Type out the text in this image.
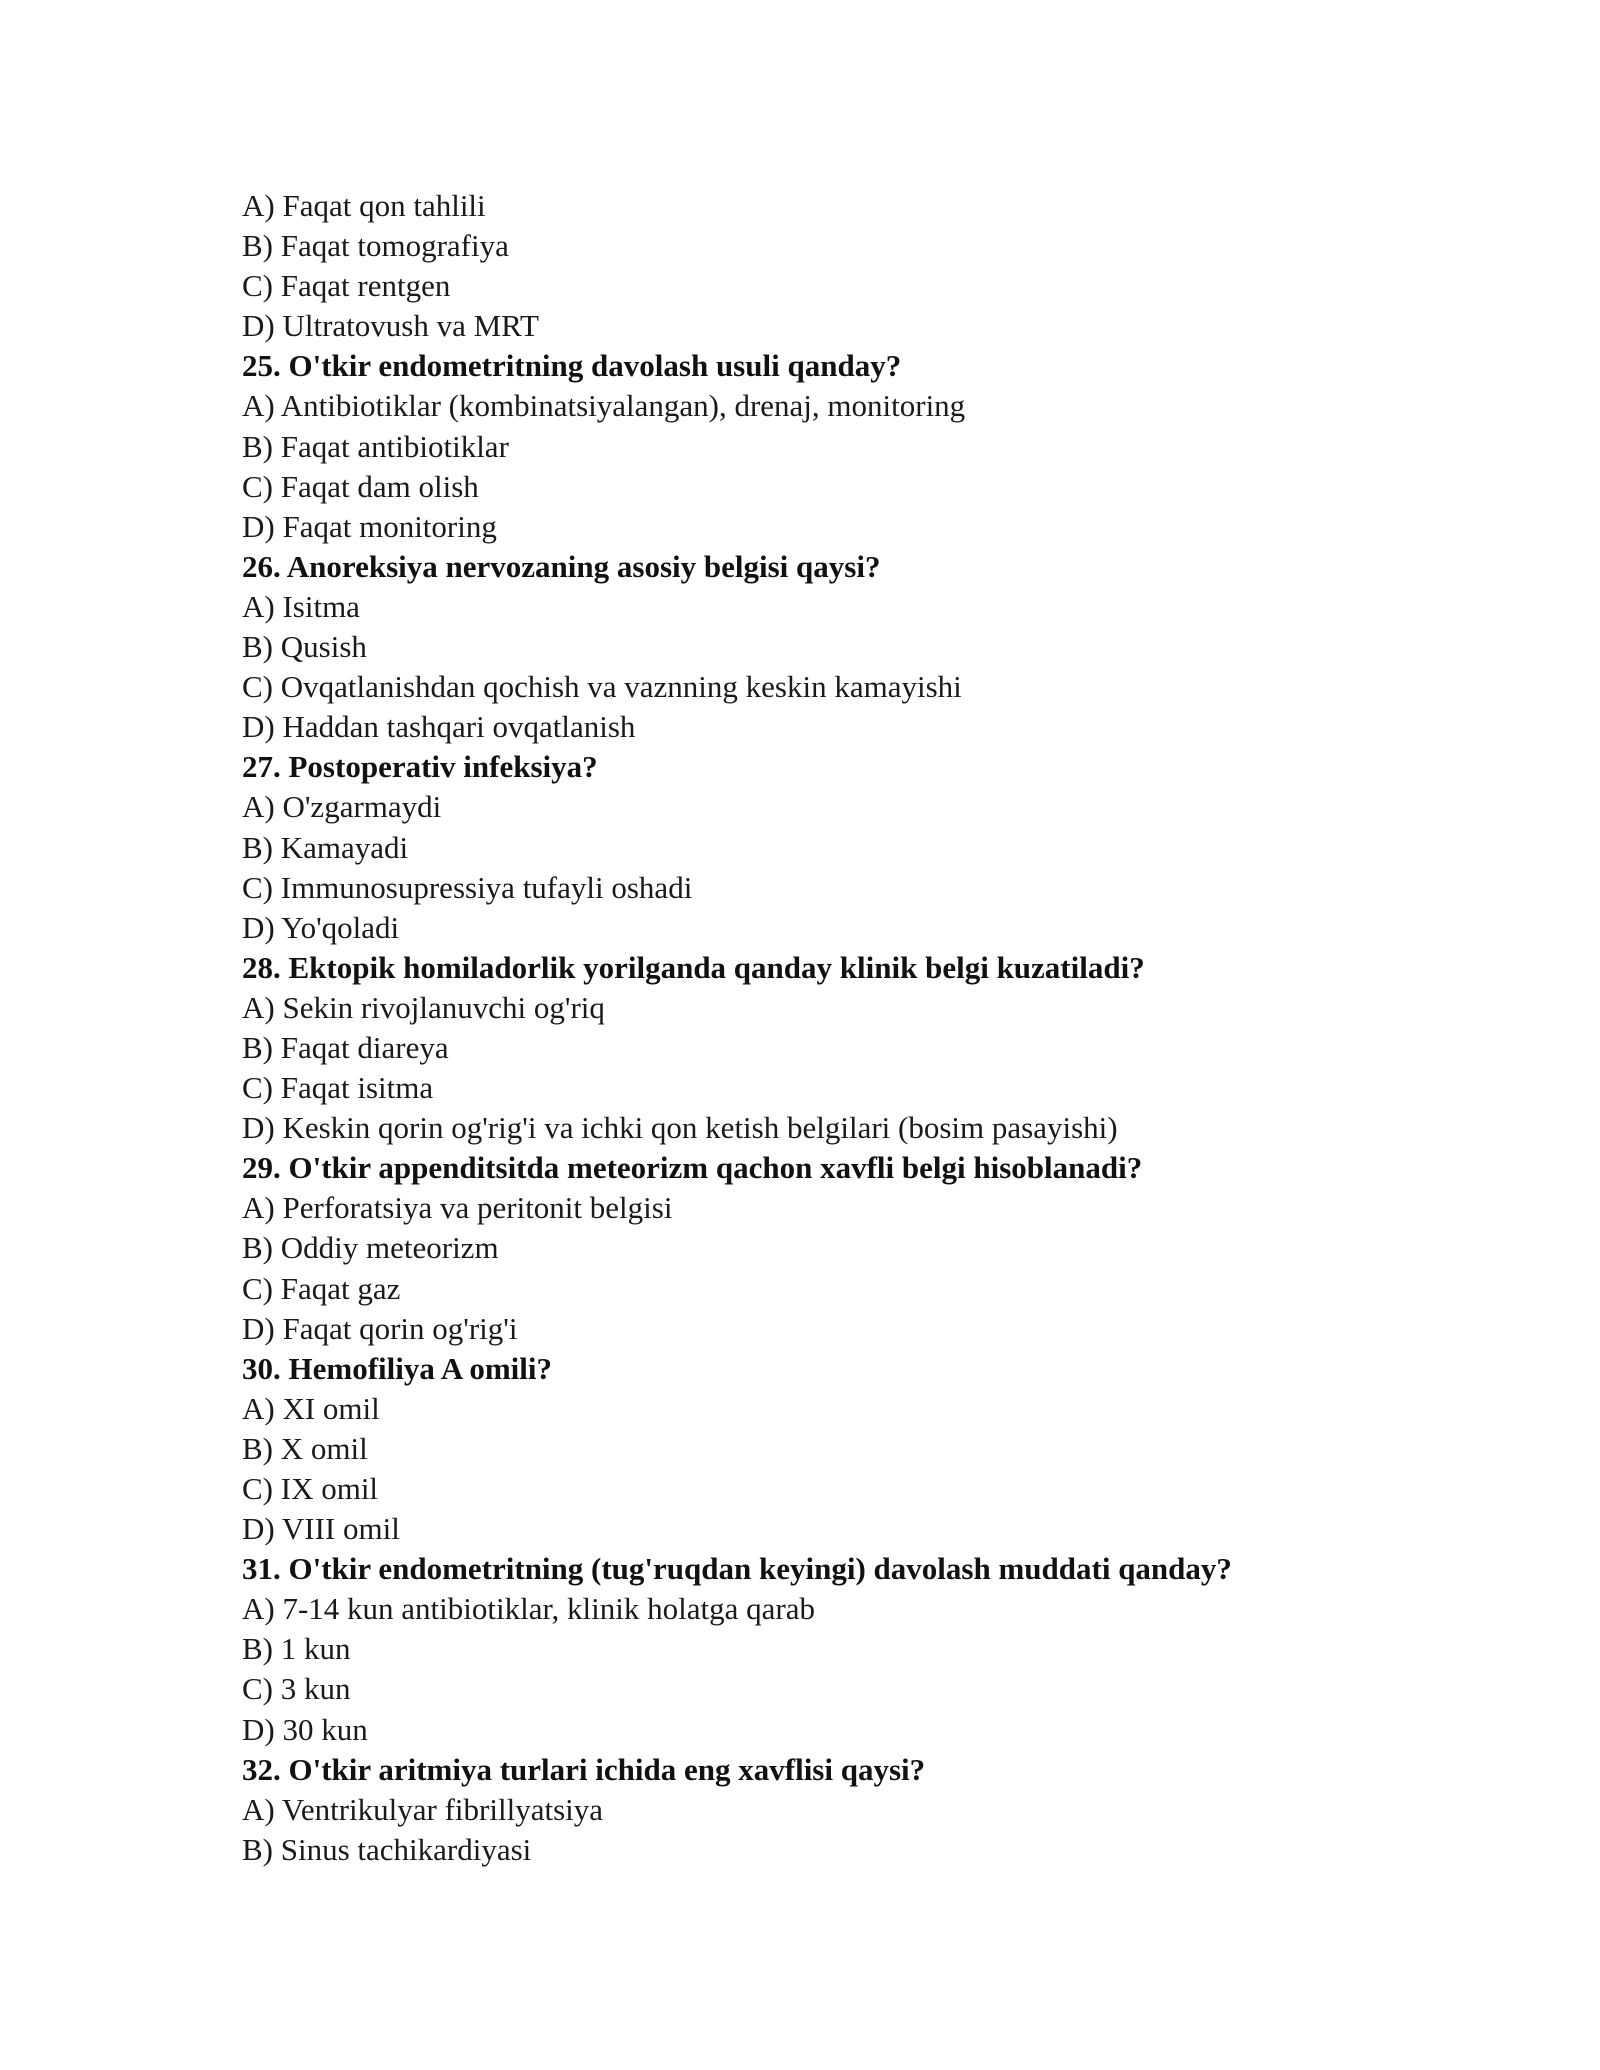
A) Faqat qon tahlili
B) Faqat tomografiya
C) Faqat rentgen
D) Ultratovush va MRT
25. O'tkir endometritning davolash usuli qanday?
A) Antibiotiklar (kombinatsiyalangan), drenaj, monitoring
B) Faqat antibiotiklar
C) Faqat dam olish
D) Faqat monitoring
26. Anoreksiya nervozaning asosiy belgisi qaysi?
A) Isitma
B) Qusish
C) Ovqatlanishdan qochish va vaznning keskin kamayishi
D) Haddan tashqari ovqatlanish
27. Postoperativ infeksiya?
A) O'zgarmaydi
B) Kamayadi
C) Immunosupressiya tufayli oshadi
D) Yo'qoladi
28. Ektopik homiladorlik yorilganda qanday klinik belgi kuzatiladi?
A) Sekin rivojlanuvchi og'riq
B) Faqat diareya
C) Faqat isitma
D) Keskin qorin og'rig'i va ichki qon ketish belgilari (bosim pasayishi)
29. O'tkir appenditsitda meteorizm qachon xavfli belgi hisoblanadi?
A) Perforatsiya va peritonit belgisi
B) Oddiy meteorizm
C) Faqat gaz
D) Faqat qorin og'rig'i
30. Hemofiliya A omili?
A) XI omil
B) X omil
C) IX omil
D) VIII omil
31. O'tkir endometritning (tug'ruqdan keyingi) davolash muddati qanday?
A) 7-14 kun antibiotiklar, klinik holatga qarab
B) 1 kun
C) 3 kun
D) 30 kun
32. O'tkir aritmiya turlari ichida eng xavflisi qaysi?
A) Ventrikulyar fibrillyatsiya
B) Sinus tachikardiyasi
